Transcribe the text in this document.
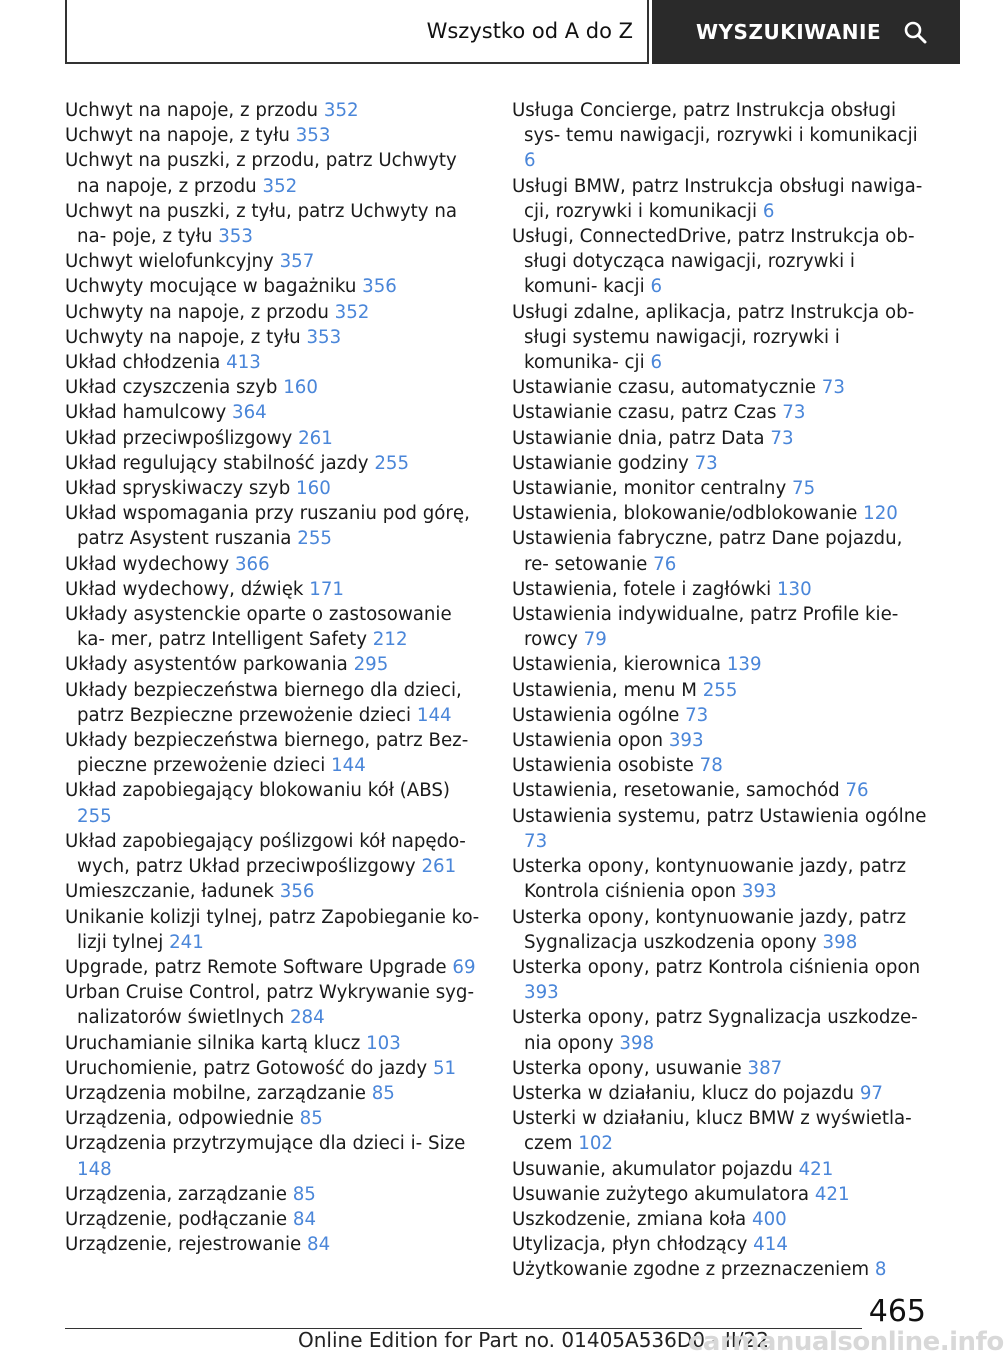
Wszystko od A do Z	WYSZUKIWANIE

Uchwyt na napoje, z przodu 352

Uchwyt na napoje, z tyłu 353

Uchwyt na puszki, z przodu, patrz Uchwyty na napoje, z przodu 352

Uchwyt na puszki, z tyłu, patrz Uchwyty na na‐ poje, z tyłu 353

Uchwyt wielofunkcyjny 357

Uchwyty mocujące w bagażniku 356

Uchwyty na napoje, z przodu 352

Uchwyty na napoje, z tyłu 353

Układ chłodzenia 413

Układ czyszczenia szyb 160

Układ hamulcowy 364

Układ przeciwpoślizgowy 261

Układ regulujący stabilność jazdy 255

Układ spryskiwaczy szyb 160

Układ wspomagania przy ruszaniu pod górę, patrz Asystent ruszania 255

Układ wydechowy 366

Układ wydechowy, dźwięk 171

Układy asystenckie oparte o zastosowanie ka‐ mer, patrz Intelligent Safety 212

Układy asystentów parkowania 295

Układy bezpieczeństwa biernego dla dzieci, patrz Bezpieczne przewożenie dzieci 144

Układy bezpieczeństwa biernego, patrz Bez‐ pieczne przewożenie dzieci 144

Układ zapobiegający blokowaniu kół (ABS) 255

Układ zapobiegający poślizgowi kół napędo‐ wych, patrz Układ przeciwpoślizgowy 261

Umieszczanie, ładunek 356

Unikanie kolizji tylnej, patrz Zapobieganie ko‐ lizji tylnej 241

Upgrade, patrz Remote Software Upgrade 69

Urban Cruise Control, patrz Wykrywanie syg‐ nalizatorów świetlnych 284

Uruchamianie silnika kartą klucz 103

Uruchomienie, patrz Gotowość do jazdy 51

Urządzenia mobilne, zarządzanie 85

Urządzenia, odpowiednie 85

Urządzenia przytrzymujące dla dzieci i- Size 148

Urządzenia, zarządzanie 85

Urządzenie, podłączanie 84

Urządzenie, rejestrowanie 84

Usługa Concierge, patrz Instrukcja obsługi sys‐ temu nawigacji, rozrywki i komunikacji 6

Usługi BMW, patrz Instrukcja obsługi nawiga‐ cji, rozrywki i komunikacji 6

Usługi, ConnectedDrive, patrz Instrukcja ob‐ sługi dotycząca nawigacji, rozrywki i komuni‐ kacji 6

Usługi zdalne, aplikacja, patrz Instrukcja ob‐ sługi systemu nawigacji, rozrywki i komunika‐ cji 6

Ustawianie czasu, automatycznie 73

Ustawianie czasu, patrz Czas 73

Ustawianie dnia, patrz Data 73

Ustawianie godziny 73

Ustawianie, monitor centralny 75

Ustawienia, blokowanie/odblokowanie 120

Ustawienia fabryczne, patrz Dane pojazdu, re‐ setowanie 76

Ustawienia, fotele i zagłówki 130

Ustawienia indywidualne, patrz Profile kie‐ rowcy 79

Ustawienia, kierownica 139

Ustawienia, menu M 255

Ustawienia ogólne 73

Ustawienia opon 393

Ustawienia osobiste 78

Ustawienia, resetowanie, samochód 76

Ustawienia systemu, patrz Ustawienia ogólne 73

Usterka opony, kontynuowanie jazdy, patrz Kontrola ciśnienia opon 393

Usterka opony, kontynuowanie jazdy, patrz Sygnalizacja uszkodzenia opony 398

Usterka opony, patrz Kontrola ciśnienia opon 393

Usterka opony, patrz Sygnalizacja uszkodze‐ nia opony 398

Usterka opony, usuwanie 387

Usterka w działaniu, klucz do pojazdu 97

Usterki w działaniu, klucz BMW z wyświetla‐ czem 102

Usuwanie, akumulator pojazdu 421

Usuwanie zużytego akumulatora 421

Uszkodzenie, zmiana koła 400

Utylizacja, płyn chłodzący 414

Użytkowanie zgodne z przeznaczeniem 8

465
Online Edition for Part no. 01405A536D0 - II/22
carmanualsonline.info
